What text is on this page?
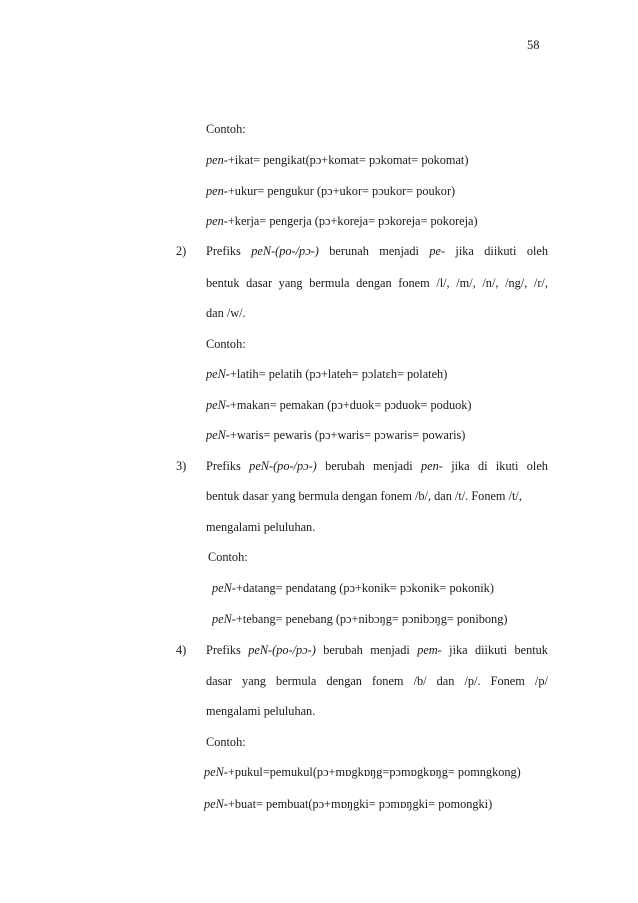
58
Contoh:
pen-+ikat= pengikat(pɔ+komat= pɔkomat= pokomat)
pen-+ukur= pengukur (pɔ+ukor= pɔukor= poukor)
pen-+kerja= pengerja (pɔ+koreja= pɔkoreja= pokoreja)
2) Prefiks peN-(po-/pɔ-) berunah menjadi pe- jika diikuti oleh
bentuk dasar yang bermula dengan fonem /l/, /m/, /n/, /ng/, /r/,
dan /w/.
Contoh:
peN-+latih= pelatih (pɔ+lateh= pɔlatɛh= polateh)
peN-+makan= pemakan (pɔ+duok= pɔduok= poduok)
peN-+waris= pewaris (pɔ+waris= pɔwaris= powaris)
3) Prefiks peN-(po-/pɔ-) berubah menjadi pen- jika di ikuti oleh
bentuk dasar yang bermula dengan fonem /b/, dan /t/. Fonem /t/,
mengalami peluluhan.
Contoh:
peN-+datang= pendatang (pɔ+konik= pɔkonik= pokonik)
peN-+tebang= penebang (pɔ+nibɔŋg= pɔnibɔŋg= ponibong)
4) Prefiks peN-(po-/pɔ-) berubah menjadi pem- jika diikuti bentuk
dasar yang bermula dengan fonem /b/ dan /p/. Fonem /p/
mengalami peluluhan.
Contoh:
peN-+pukul=pemukul(pɔ+mɒgkɒŋg=pɔmɒgkɒŋg= pomngkong)
peN-+buat= pembuat(pɔ+mɒŋgki= pɔmɒŋgki= pomongki)
